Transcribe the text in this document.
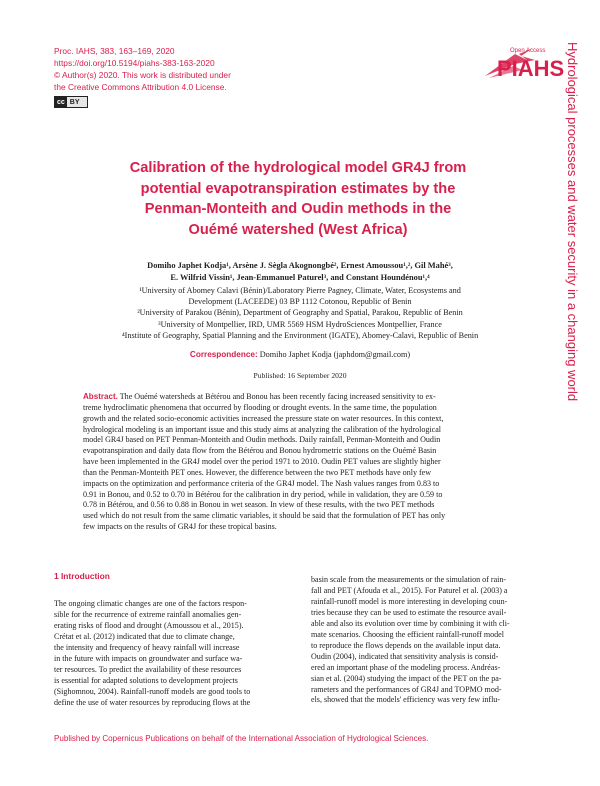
Proc. IAHS, 383, 163–169, 2020
https://doi.org/10.5194/piahs-383-163-2020
© Author(s) 2020. This work is distributed under
the Creative Commons Attribution 4.0 License.
cc BY
Open Access
PIAHS Hydrological processes and water security in a changing world
Calibration of the hydrological model GR4J from
potential evapotranspiration estimates by the
Penman-Monteith and Oudin methods in the
Ouémé watershed (West Africa)
Domiho Japhet Kodja¹, Arsène J. Sègla Akognongbé², Ernest Amoussou¹,², Gil Mahé³,
E. Wilfrid Vissin¹, Jean-Emmanuel Paturel³, and Constant Houndénou¹,⁴
¹University of Abomey Calavi (Bénin)/Laboratory Pierre Pagney, Climate, Water, Ecosystems and
Development (LACEEDE) 03 BP 1112 Cotonou, Republic of Benin
²University of Parakou (Bénin), Department of Geography and Spatial, Parakou, Republic of Benin
³University of Montpellier, IRD, UMR 5569 HSM HydroSciences Montpellier, France
⁴Institute of Geography, Spatial Planning and the Environment (IGATE), Abomey-Calavi, Republic of Benin
Correspondence: Domiho Japhet Kodja (japhdom@gmail.com)
Published: 16 September 2020
Abstract. The Ouémé watersheds at Bétérou and Bonou has been recently facing increased sensitivity to ex-
treme hydroclimatic phenomena that occurred by flooding or drought events. In the same time, the population
growth and the related socio-economic activities increased the pressure state on water resources. In this context,
hydrological modeling is an important issue and this study aims at analyzing the calibration of the hydrological
model GR4J based on PET Penman-Monteith and Oudin methods. Daily rainfall, Penman-Monteith and Oudin
evapotranspiration and daily data flow from the Bétérou and Bonou hydrometric stations on the Ouémé Basin
have been implemented in the GR4J model over the period 1971 to 2010. Oudin PET values are slightly higher
than the Penman-Monteith PET ones. However, the difference between the two PET methods have only few
impacts on the optimization and performance criteria of the GR4J model. The Nash values ranges from 0.83 to
0.91 in Bonou, and 0.52 to 0.70 in Bétérou for the calibration in dry period, while in validation, they are 0.59 to
0.78 in Bétérou, and 0.56 to 0.88 in Bonou in wet season. In view of these results, with the two PET methods
used which do not result from the same climatic variables, it should be said that the formulation of PET has only
few impacts on the results of GR4J for these tropical basins.
1 Introduction
The ongoing climatic changes are one of the factors respon-
sible for the recurrence of extreme rainfall anomalies gen-
erating risks of flood and drought (Amoussou et al., 2015).
Crétat et al. (2012) indicated that due to climate change,
the intensity and frequency of heavy rainfall will increase
in the future with impacts on groundwater and surface wa-
ter resources. To predict the availability of these resources
is essential for adapted solutions to development projects
(Sighomnou, 2004). Rainfall-runoff models are good tools to
define the use of water resources by reproducing flows at the
basin scale from the measurements or the simulation of rain-
fall and PET (Afouda et al., 2015). For Paturel et al. (2003) a
rainfall-runoff model is more interesting in developing coun-
tries because they can be used to estimate the resource avail-
able and also its evolution over time by combining it with cli-
mate scenarios. Choosing the efficient rainfall-runoff model
to reproduce the flows depends on the available input data.
Oudin (2004), indicated that sensitivity analysis is consid-
ered an important phase of the modeling process. Andréas-
sian et al. (2004) studying the impact of the PET on the pa-
rameters and the performances of GR4J and TOPMO mod-
els, showed that the models' efficiency was very few influ-
Published by Copernicus Publications on behalf of the International Association of Hydrological Sciences.
